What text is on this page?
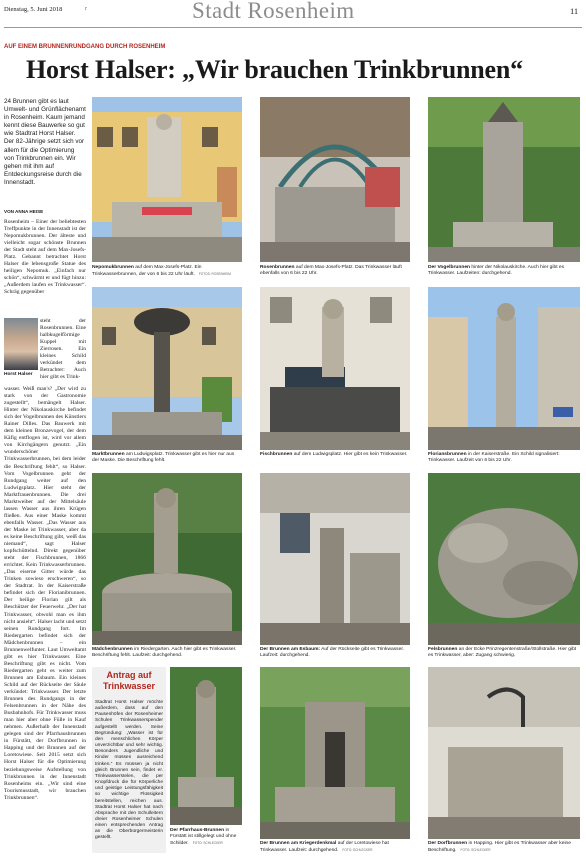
Dienstag, 5. Juni 2018	r	Stadt Rosenheim	11
AUF EINEM BRUNNENRUNDGANG DURCH ROSENHEIM
Horst Halser: „Wir brauchen Trinkbrunnen“
24 Brunnen gibt es laut Umwelt- und Grünflächenamt in Rosenheim. Kaum jemand kennt diese Bauwerke so gut wie Stadtrat Horst Halser. Der 82-Jährige setzt sich vor allem für die Optimierung von Trinkbrunnen ein. Wir gehen mit ihm auf Entdeckungsreise durch die Innenstadt.
VON ANNA HEISE
Rosenheim – Einer der beliebtesten Treffpunkte in der Innenstadt ist der Nepomukbrunnen. Der älteste und vielleicht sogar schönste Brunnen der Stadt steht auf dem Max-Josefs-Platz. Gebannt betrachtet Horst Halser die lebensgroße Statue des heiligen Nepomuk. „Einfach nur schön“, schwärmt er und fügt hinzu: „Außerdem laufen es Trinkwasser“. Schräg gegenüber
Horst Halser
steht der Rosenbrunnen. Eine halbkugelförmige Kuppel mit Zierrosen. Ein kleines Schild verkündet dem Betrachter: Auch hier gibt es Trink-
wasser. Weiß man's? „Der wird zu stark von der Gastronomie zugestellt“, bemängelt Halser. Hinter der Nikolauskirche befindet sich der Vogelbrunnen des Künstlers Rainer Dilles. Das Bauwerk mit dem kleinen Bronzevogel, der dem Käfig entflogen ist, wird vor allem von Kirchgängern genutzt. „Ein wunderschöner Trinkwasserbrunnen, bei dem leider die Beschriftung fehlt“, so Halser. Vom Vogelbrunnen geht der Rundgang weiter auf den Ludwigsplatz. Hier steht der Marktfrauenbrunnen. Die drei Marktweiber auf der Mittelsäule lassen Wasser aus ihren Krügen fließen. Aus einer Maske kommt ebenfalls Wasser. „Das Wasser aus der Maske ist Trinkwasser, aber da es keine Beschriftung gibt, weiß das niemand“, sagt Halser kopfschüttelnd. Direkt gegenüber steht der Fischbrunnen, 1866 errichtet. Kein Trinkwasserbrunnen. „Das eiserne Gitter würde das Trinken sowieso erschweren“, so der Stadtrat. In der Kaiserstraße befindet sich der Florianibrunnen. Der heilige Florian gilt als Beschützer der Feuerwehr. „Der hat Trinkwasser, obwohl man es ihm nicht ansieht“. Halser lacht und setzt seinen Rundgang fort. Im Riedergarten befindet sich der Mädchenbrunnen – ein Brunnenwelfunter. Laut Umweltamt gibt es hier Trinkwasser. Eine Beschriftung gibt es nicht. Vom Riedergarten geht es weiter zum Brunnen am Esbaum. Ein kleines Schild auf der Rückseite der Säule verkündet: Trinkwasser. Der letzte Brunnen des Rundgangs in der Felsenbrunnen in der Nähe des Busbahnhofs. Für Trinkwasser muss man hier aber ohne Fülle in Kauf nehmen. Außerhalb der Innenstadt gelegen sind der Pfarrhausbrunnen in Fürstätt, der Dorfbrunnen in Happing und der Brunnen auf der Loretowiese. Seit 2015 setzt sich Horst Halser für die Optimierung beziehungsweise Aufstellung von Trinkbrunnen in der Innenstadt Rosenheims ein. „Wir sind eine Tourismusstadt, wir brauchen Trinkbrunnen“.
Nepomukbrunnen auf dem Max-Josefs-Platz. Ein Trinkwasserbrunnen, der von 6 bis 22 Uhr läuft. FOTOS: ROSENHEIM
Rosenbrunnen auf dem Max-Josefs-Platz. Das Trinkwasser läuft ebenfalls von 6 bis 22 Uhr.
Der Vogelbrunnen hinter der Nikolauskirche. Auch hier gibt es Trinkwasser. Laufzeiten: durchgehend.
Marktbrunnen am Ludwigsplatz. Trinkwasser gibt es hier nur aus der Maske. Die Beschriftung fehlt.
Fischbrunnen auf dem Ludwigsplatz. Hier gibt es kein Trinkwasser.	Floriansbrunnen in der Kaiserstraße. Ein Schild signalisiert: Trinkwasser. Laufzeit von 6 bis 22 Uhr.
Mädchenbrunnen im Riedergarten. Auch hier gibt es Trinkwasser. Beschriftung fehlt. Laufzeit: durchgehend.
Der Brunnen am Esbaum: Auf der Rückseite gibt es Trinkwasser. Laufzeit: durchgehend.
Felsbrunnen an der Ecke Prinzregentenstraße/Stollstraße. Hier gibt es Trinkwasser, aber: Zugang schwierig.
Antrag auf Trinkwasser
Stadtrat Horst Halser möchte außerdem, dass auf den Pausenhöfen der Rosenheimer Schulen Trinkwasserspender aufgestellt werden. Seine Begründung: „Wasser ist für den menschlichen Körper unverzichtbar und sehr wichtig. Besonders Jugendliche und Kinder müssen ausreichend trinken.“ Es müssen ja nicht gleich Brunnen sein, findet er. Trinkwasserstelen, die per Knopfdruck die für Körperliche und geistige Leistungsfähigkeit so wichtige Flüssigkeit bereitstellen, reichen aus. Stadtrat Horst Halser hat nach Absprache mit den Schulleitern dreier Rosenheimer Schulen einen entsprechenden Antrag an die Oberbürgermeisterin gestellt.
Der Pfarrhaus-Brunnen in Fürstätt ist stillgelegt und ohne Schilder. FOTO: SCHLECKER	Der Brunnen am Kriegerdenkmal auf der Loretowiese hat Trinkwasser. Laufzeit: durchgehend. FOTO: SCHLECKER
Der Dorfbrunnen in Happing. Hier gibt es Trinkwasser aber keine Beschriftung. FOTO: SCHLECKER
